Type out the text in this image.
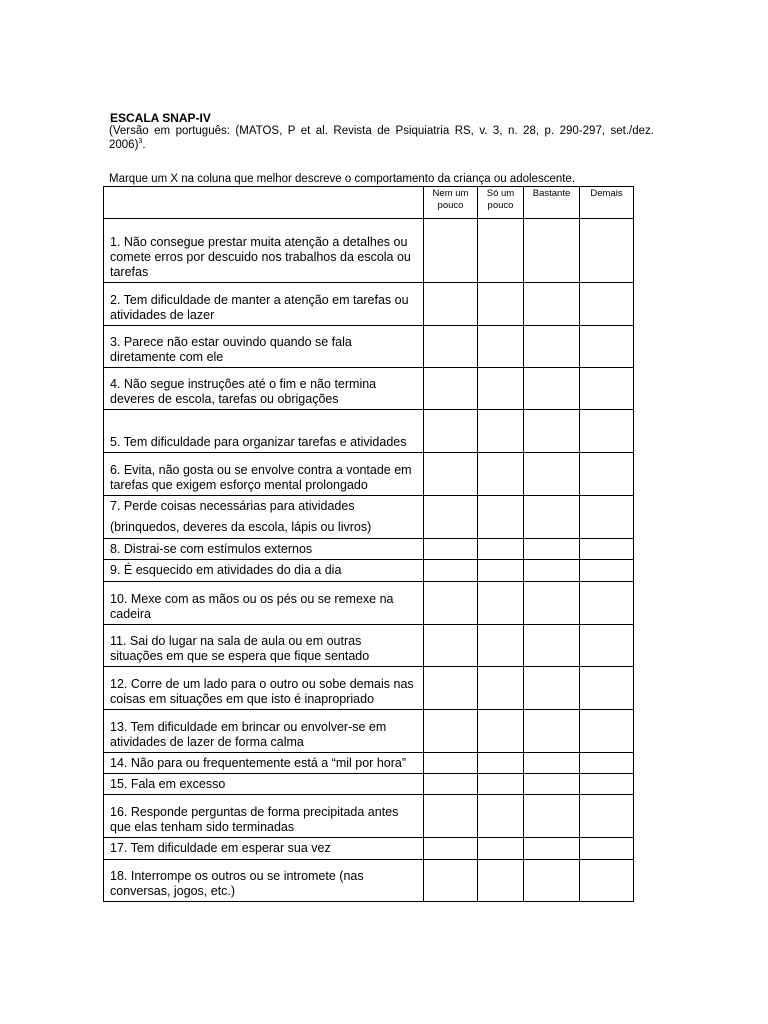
ESCALA SNAP-IV
(Versão em português: (MATOS, P et al. Revista de Psiquiatria RS, v. 3, n. 28, p. 290-297, set./dez. 2006)$^3$.
Marque um X na coluna que melhor descreve o comportamento da criança ou adolescente.
	Nem um pouco	Só um pouco	Bastante	Demais
1. Não consegue prestar muita atenção a detalhes ou comete erros por descuido nos trabalhos da escola ou tarefas				
2. Tem dificuldade de manter a atenção em tarefas ou atividades de lazer				
3. Parece não estar ouvindo quando se fala diretamente com ele				
4. Não segue instruções até o fim e não termina deveres de escola, tarefas ou obrigações				
5. Tem dificuldade para organizar tarefas e atividades				
6. Evita, não gosta ou se envolve contra a vontade em tarefas que exigem esforço mental prolongado				

7. Perde coisas necessárias para atividades
(brinquedos, deveres da escola, lápis ou livros)				

8. Distrai-se com estímulos externos				
9. É esquecido em atividades do dia a dia				
10. Mexe com as mãos ou os pés ou se remexe na cadeira				
11. Sai do lugar na sala de aula ou em outras situações em que se espera que fique sentado				
12. Corre de um lado para o outro ou sobe demais nas coisas em situações em que isto é inapropriado				
13. Tem dificuldade em brincar ou envolver-se em atividades de lazer de forma calma				
14. Não para ou frequentemente está a “mil por hora”				
15. Fala em excesso				
16. Responde perguntas de forma precipitada antes que elas tenham sido terminadas				
17. Tem dificuldade em esperar sua vez				
18. Interrompe os outros ou se intromete (nas conversas, jogos, etc.)				
